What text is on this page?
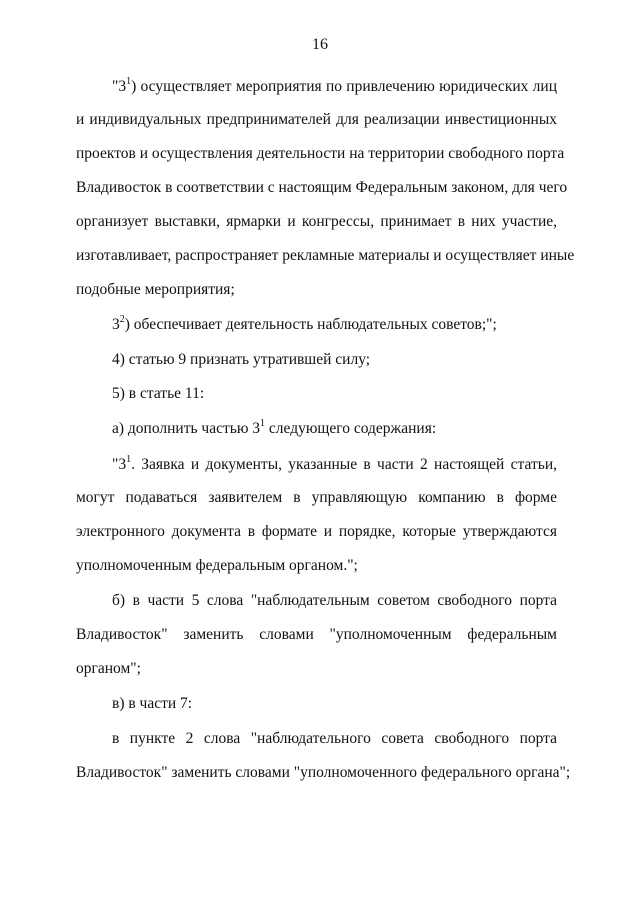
16
"$3^1$) осуществляет мероприятия по привлечению юридических лиц
и индивидуальных предпринимателей для реализации инвестиционных
проектов и осуществления деятельности на территории свободного порта
Владивосток в соответствии с настоящим Федеральным законом, для чего
организует выставки, ярмарки и конгрессы, принимает в них участие,
изготавливает, распространяет рекламные материалы и осуществляет иные
подобные мероприятия;
$3^2$) обеспечивает деятельность наблюдательных советов;";
4) статью 9 признать утратившей силу;
5) в статье 11:
а) дополнить частью $3^1$ следующего содержания:
"$3^1$. Заявка и документы, указанные в части 2 настоящей статьи,
могут подаваться заявителем в управляющую компанию в форме
электронного документа в формате и порядке, которые утверждаются
уполномоченным федеральным органом.";
б) в части 5 слова "наблюдательным советом свободного порта
Владивосток" заменить словами "уполномоченным федеральным
органом";
в) в части 7:
в пункте 2 слова "наблюдательного совета свободного порта
Владивосток" заменить словами "уполномоченного федерального органа";
